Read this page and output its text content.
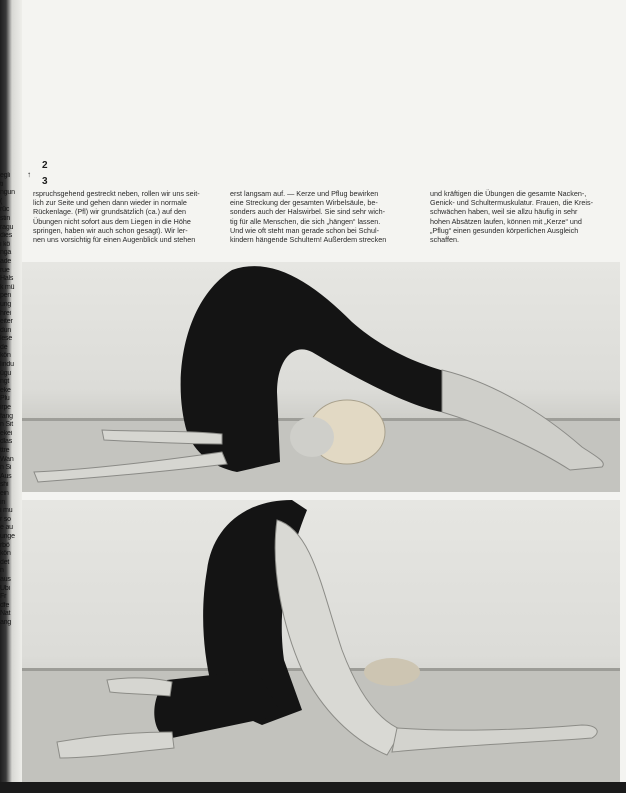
egli
ti
ngun
(
rüc
stin
ragu
dies
i kö
nga
ade
rue
Hals
k mü
pen
ung
hrei
eiter
dun
lese
de
kön
lindu
ügu
ngt
eke
Plu
irpe
fang
n Sit
ekei
dlas
ttre
Wan
n Si
Aus
shi
ein
in
i mu
r so
e au
unge
rbö
kön
det
n
aus
Übi
Fr
dfe
Nat
ang
↑
2
3
rspruchsgehend gestreckt neben, rollen wir uns seit-
lich zur Seite und gehen dann wieder in normale
Rückenlage. (Pfl) wir grundsätzlich (ca.) auf den
Übungen nicht sofort aus dem Liegen in die Höhe
springen, haben wir auch schon gesagt). Wir ler-
nen uns vorsichtig für einen Augenblick und stehen
erst langsam auf. — Kerze und Pflug bewirken
eine Streckung der gesamten Wirbelsäule, be-
sonders auch der Halswirbel. Sie sind sehr wich-
tig für alle Menschen, die sich „hängen“ lassen.
Und wie oft steht man gerade schon bei Schul-
kindern hängende Schultern! Außerdem strecken
und kräftigen die Übungen die gesamte Nacken-,
Genick- und Schultermuskulatur. Frauen, die Kreis-
schwächen haben, weil sie allzu häufig in sehr
hohen Absätzen laufen, können mit „Kerze“ und
„Pflug“ einen gesunden körperlichen Ausgleich
schaffen.
